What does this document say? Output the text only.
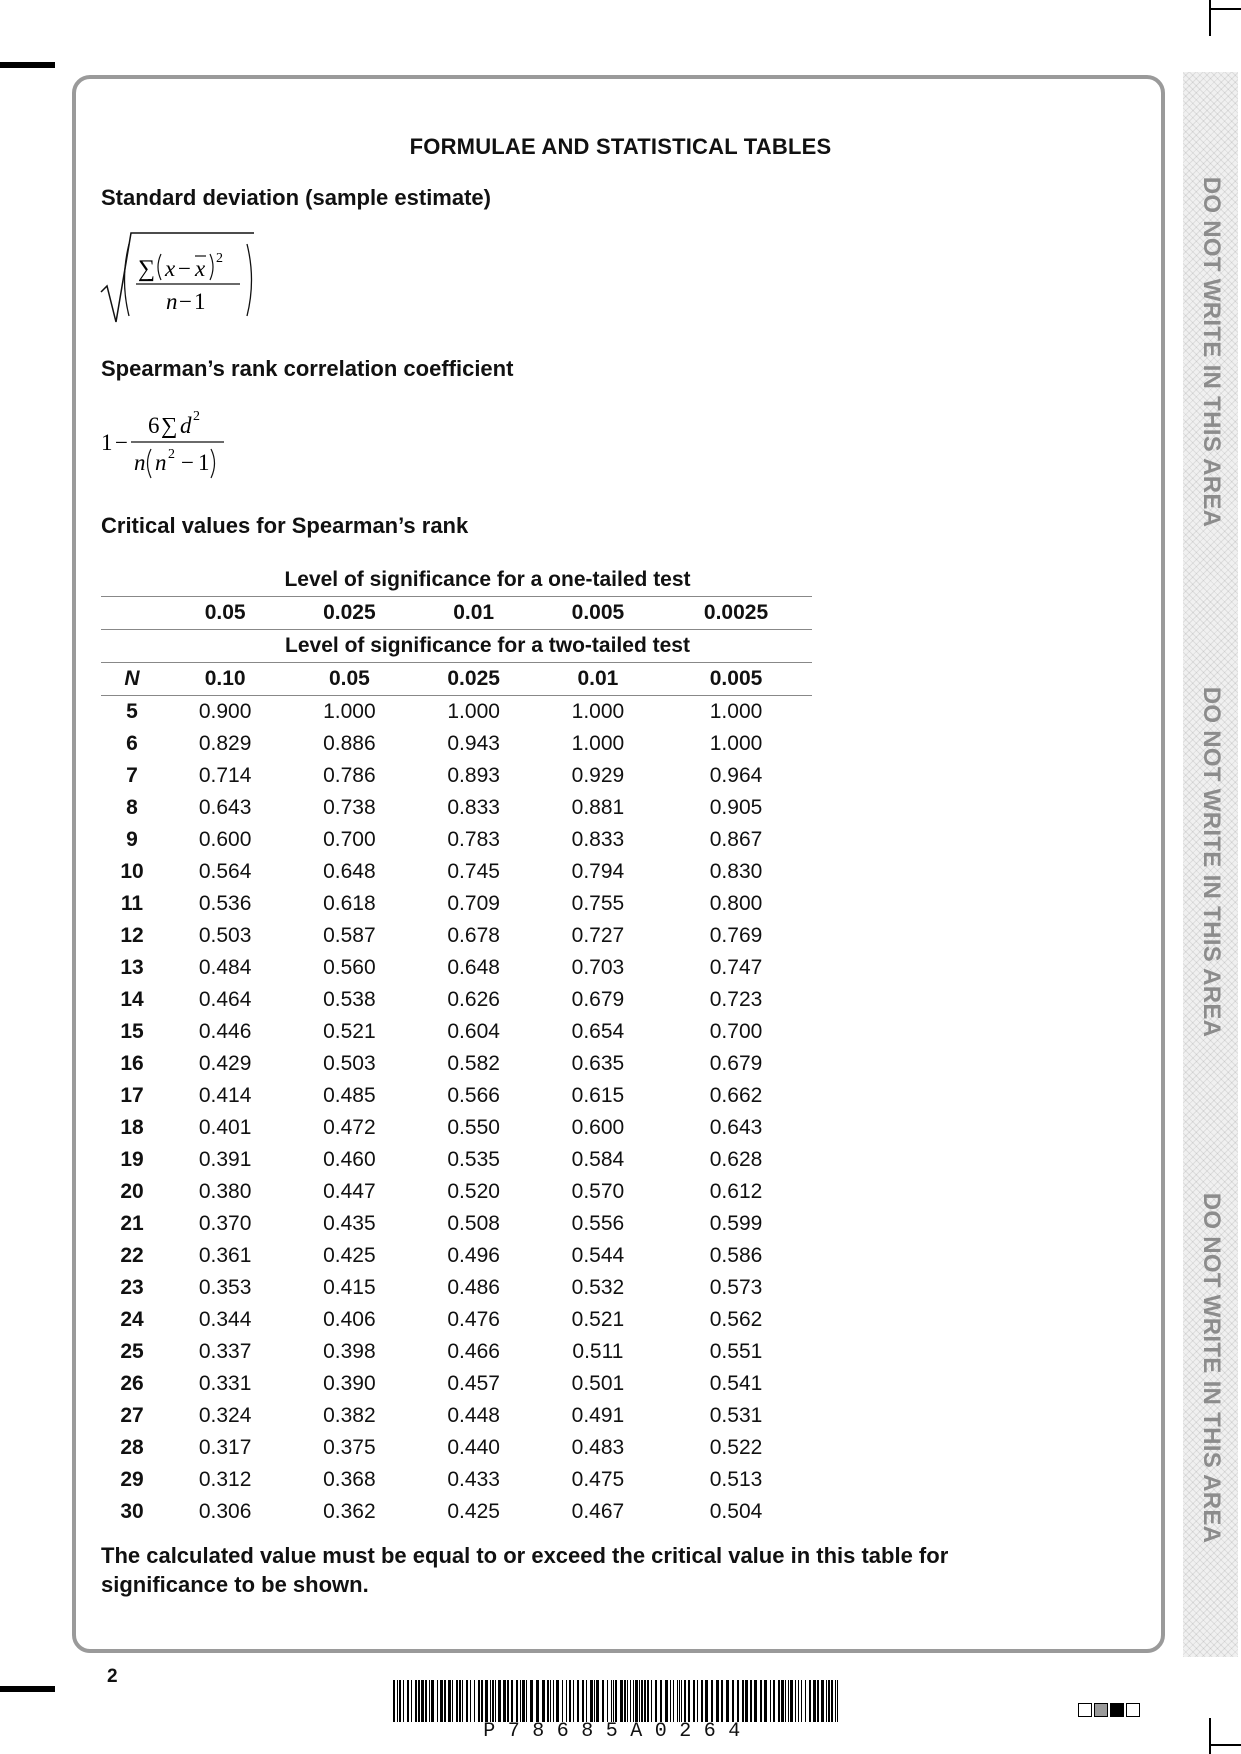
FORMULAE AND STATISTICAL TABLES
Standard deviation (sample estimate)
∑ x − x 2
n − 1
Spearman’s rank correlation coefficient
1 −
6 ∑ d 2
n n 2 − 1
Critical values for Spearman’s rank
	Level of significance for a one-tailed test				
	0.05	0.025	0.01	0.005	0.0025
	Level of significance for a two-tailed test				
N	0.10	0.05	0.025	0.01	0.005
5	0.900	1.000	1.000	1.000	1.000
6	0.829	0.886	0.943	1.000	1.000
7	0.714	0.786	0.893	0.929	0.964
8	0.643	0.738	0.833	0.881	0.905
9	0.600	0.700	0.783	0.833	0.867
10	0.564	0.648	0.745	0.794	0.830
11	0.536	0.618	0.709	0.755	0.800
12	0.503	0.587	0.678	0.727	0.769
13	0.484	0.560	0.648	0.703	0.747
14	0.464	0.538	0.626	0.679	0.723
15	0.446	0.521	0.604	0.654	0.700
16	0.429	0.503	0.582	0.635	0.679
17	0.414	0.485	0.566	0.615	0.662
18	0.401	0.472	0.550	0.600	0.643
19	0.391	0.460	0.535	0.584	0.628
20	0.380	0.447	0.520	0.570	0.612
21	0.370	0.435	0.508	0.556	0.599
22	0.361	0.425	0.496	0.544	0.586
23	0.353	0.415	0.486	0.532	0.573
24	0.344	0.406	0.476	0.521	0.562
25	0.337	0.398	0.466	0.511	0.551
26	0.331	0.390	0.457	0.501	0.541
27	0.324	0.382	0.448	0.491	0.531
28	0.317	0.375	0.440	0.483	0.522
29	0.312	0.368	0.433	0.475	0.513
30	0.306	0.362	0.425	0.467	0.504
The calculated value must be equal to or exceed the critical value in this table for significance to be shown.
DO NOT WRITE IN THIS AREA
DO NOT WRITE IN THIS AREA
DO NOT WRITE IN THIS AREA
2
P78685A0264
